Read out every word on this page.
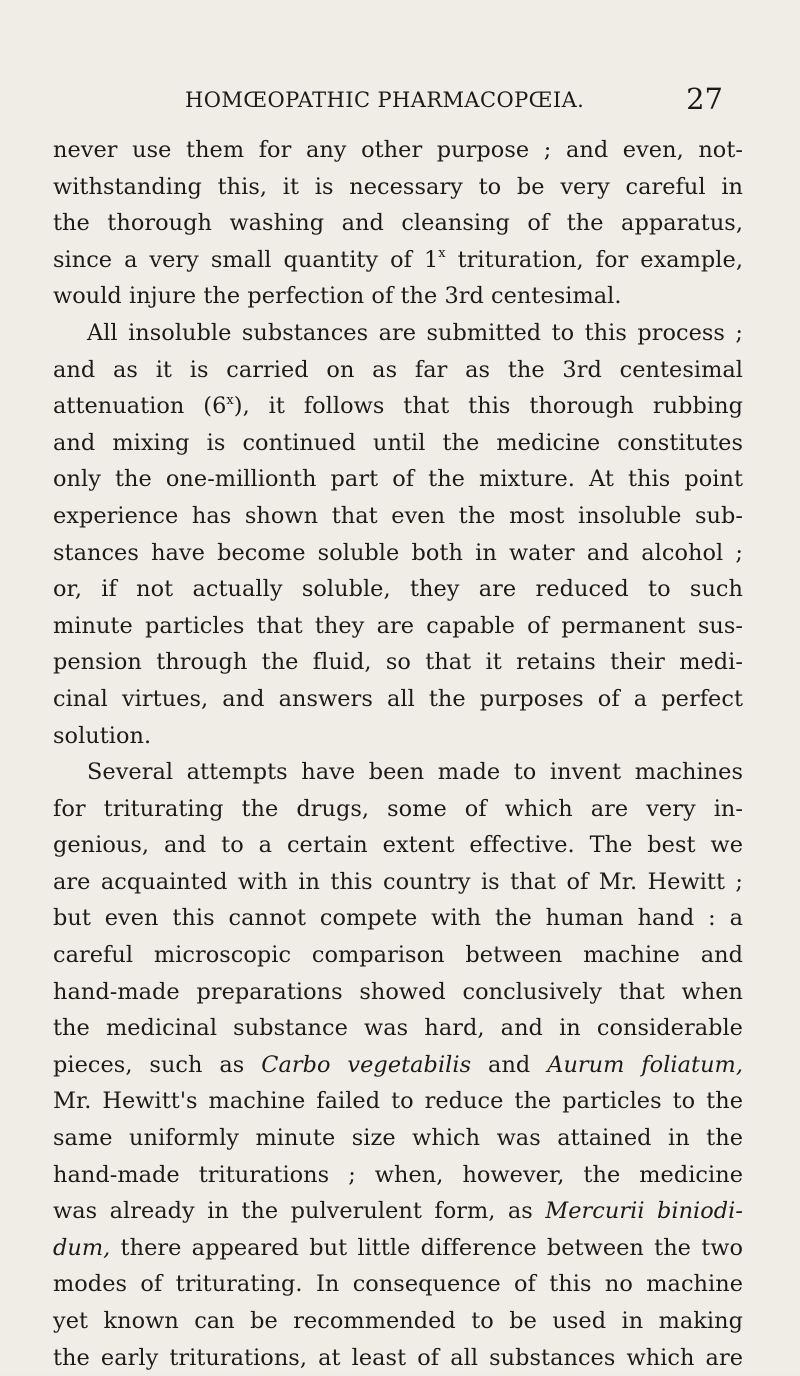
HOMŒOPATHIC PHARMACOPŒIA.	27
never use them for any other purpose ; and even, not-
withstanding this, it is necessary to be very careful in
the thorough washing and cleansing of the apparatus,
since a very small quantity of 1$^x$ trituration, for example,
would injure the perfection of the 3rd centesimal.
All insoluble substances are submitted to this process ;
and as it is carried on as far as the 3rd centesimal
attenuation (6$^x$), it follows that this thorough rubbing
and mixing is continued until the medicine constitutes
only the one-millionth part of the mixture. At this point
experience has shown that even the most insoluble sub-
stances have become soluble both in water and alcohol ;
or, if not actually soluble, they are reduced to such
minute particles that they are capable of permanent sus-
pension through the fluid, so that it retains their medi-
cinal virtues, and answers all the purposes of a perfect
solution.
Several attempts have been made to invent machines
for triturating the drugs, some of which are very in-
genious, and to a certain extent effective. The best we
are acquainted with in this country is that of Mr. Hewitt ;
but even this cannot compete with the human hand : a
careful microscopic comparison between machine and
hand-made preparations showed conclusively that when
the medicinal substance was hard, and in considerable
pieces, such as Carbo vegetabilis and Aurum foliatum,
Mr. Hewitt's machine failed to reduce the particles to the
same uniformly minute size which was attained in the
hand-made triturations ; when, however, the medicine
was already in the pulverulent form, as Mercurii biniodi-
dum, there appeared but little difference between the two
modes of triturating. In consequence of this no machine
yet known can be recommended to be used in making
the early triturations, at least of all substances which are
